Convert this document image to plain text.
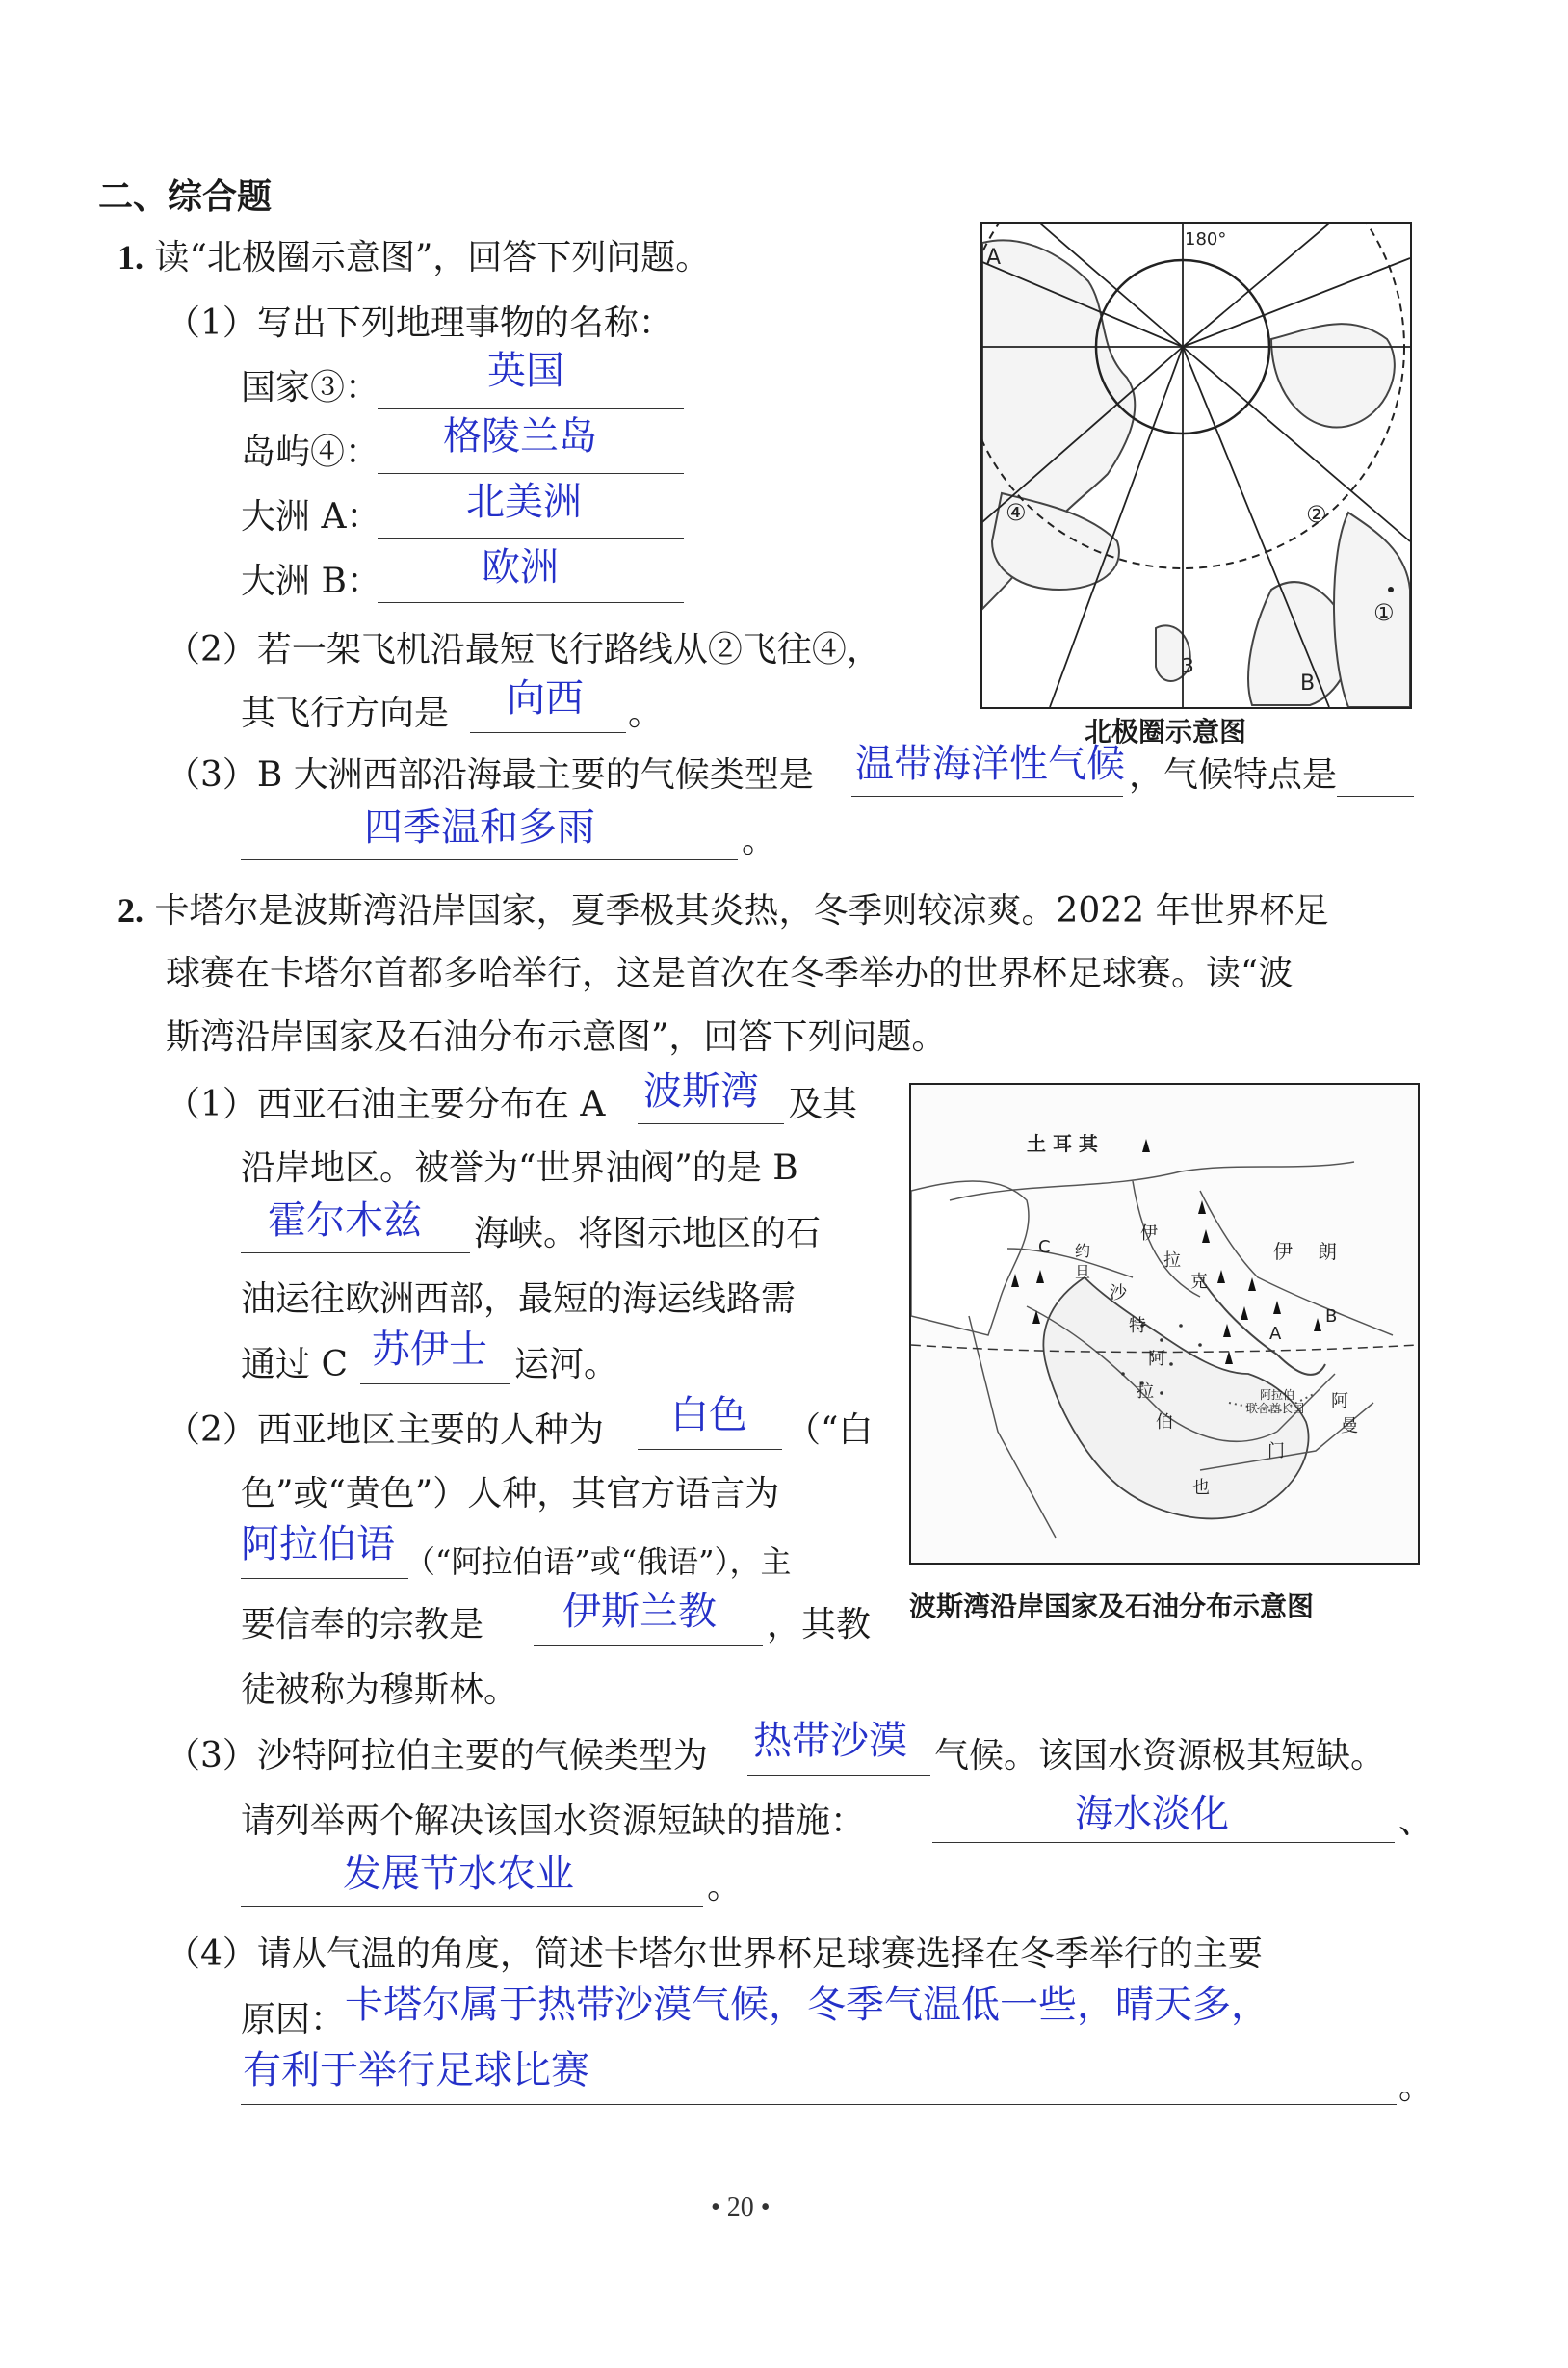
二、综合题
1. 读“北极圈示意图”，回答下列问题。
（1）写出下列地理事物的名称：
国家③：	英国
岛屿④： 格陵兰岛
大洲 A： 北美洲
大洲 B：	欧洲
（2）若一架飞机沿最短飞行路线从②飞往④，
其飞行方向是 向西 。
（3）B 大洲西部沿海最主要的气候类型是 温带海洋性气候 ，气候特点是
四季温和多雨	。
180°
A
④	②
①
3
B
北极圈示意图
2. 卡塔尔是波斯湾沿岸国家，夏季极其炎热，冬季则较凉爽。2022 年世界杯足
球赛在卡塔尔首都多哈举行，这是首次在冬季举办的世界杯足球赛。读“波
斯湾沿岸国家及石油分布示意图”，回答下列问题。
（1）西亚石油主要分布在 A 波斯湾 及其
沿岸地区。被誉为“世界油阀”的是 B
霍尔木兹 海峡。将图示地区的石
油运往欧洲西部，最短的海运线路需
通过 C 苏伊士 运河。
（2）西亚地区主要的人种为 白色 （“白
色”或“黄色”）人种，其官方语言为
阿拉伯语 （“阿拉伯语”或“俄语”），主
要信奉的宗教是 伊斯兰教 ，其教
徒被称为穆斯林。
土 耳 其
伊
拉
克
伊 朗
约
旦
沙
特
阿
拉
伯
阿拉伯
联合酋长国 阿
曼
门
也
A
B
C
波斯湾沿岸国家及石油分布示意图
（3）沙特阿拉伯主要的气候类型为 热带沙漠 气候。该国水资源极其短缺。
请列举两个解决该国水资源短缺的措施：	海水淡化	、
发展节水农业	。
（4）请从气温的角度，简述卡塔尔世界杯足球赛选择在冬季举行的主要
原因： 卡塔尔属于热带沙漠气候，冬季气温低一些，晴天多，
有利于举行足球比赛	。
• 20 •
